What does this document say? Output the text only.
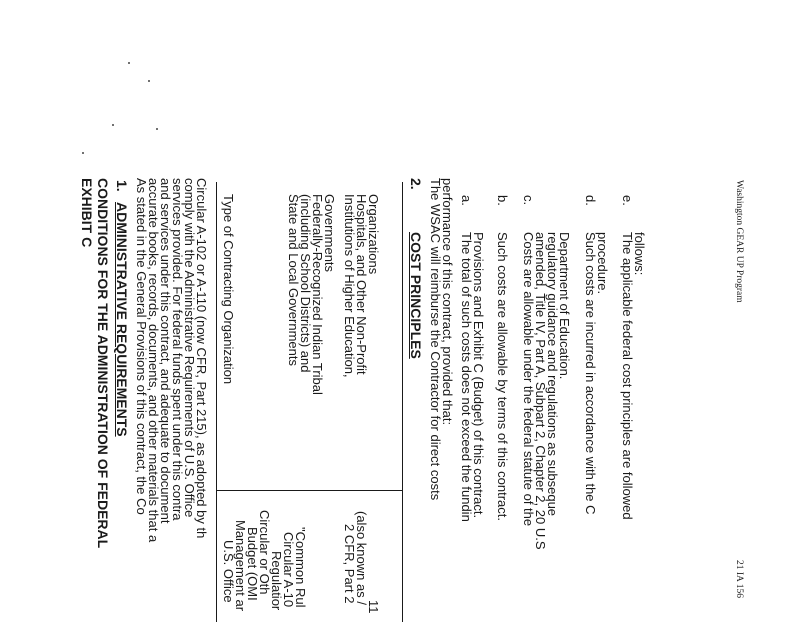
EXHIBIT C CONDITIONS FOR THE ADMINISTRATION OF FEDERAL 1.
ADMINISTRATIVE REQUIREMENTS As stated in the General Provisions of this contract, the Co
accurate books, records, documents, and other materials that a
and services under this contract, and adequate to document
services provided. For federal funds spent under this contra
comply with the Administrative Requirements of U.S. Office
Circular A-102 or A-110 (now CFR, Part 215), as adopted by th Type of Contracting Organization
U.S. Office
Management ar
Budget (OMI
Circular or Oth
Regulatior
State and Local Governments
(including School Districts) and
Federally-Recognized Indian Tribal
Governments
Circular A-10
"Common Rul
Institutions of Higher Education,
Hospitals, and Other Non-Profit
Organizations
2 CFR, Part 2
(also known as /
11
2.
COST PRINCIPLES The WSAC will reimburse the Contractor for direct costs
performance of this contract, provided that: a.
The total of such costs does not exceed the fundin
Provisions and Exhibit C (Budget) of this contract.
b.
Such costs are allowable by terms of this contract.
c.
Costs are allowable under the federal statute of the
amended, Title IV, Part A, Subpart 2, Chapter 2, 20 U.S
regulatory guidance and regulations as subseque
Department of Education.
d.
Such costs are incurred in accordance with the C
procedure.
e.
The applicable federal cost principles are followed
follows:	Washington GEAR UP Program
21 IA 156
